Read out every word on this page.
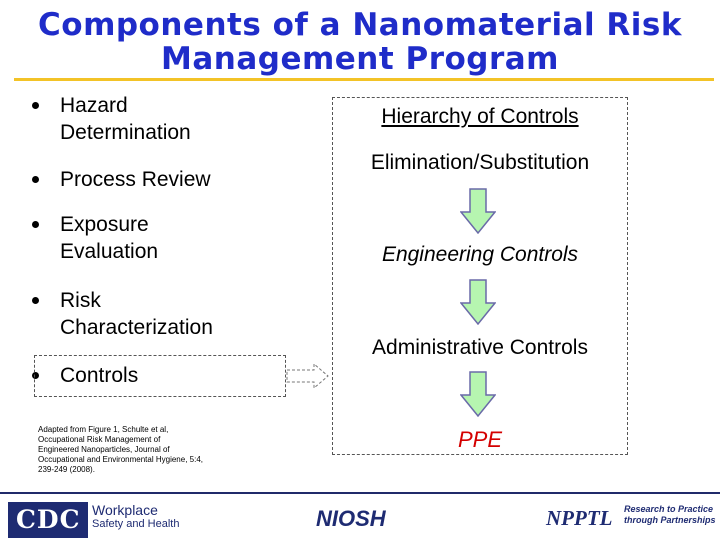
Components of a Nanomaterial Risk
Management Program
Hazard
Determination
Process Review
Exposure
Evaluation
Risk
Characterization
Controls
Adapted from Figure 1, Schulte et al, Occupational Risk Management of Engineered Nanoparticles, Journal of Occupational and Environmental Hygiene, 5:4, 239-249 (2008).
Hierarchy of Controls
Elimination/Substitution
Engineering Controls
Administrative Controls
PPE
CDC Workplace
Safety and Health	NIOSH	NPPTL Research to Practice
through Partnerships
